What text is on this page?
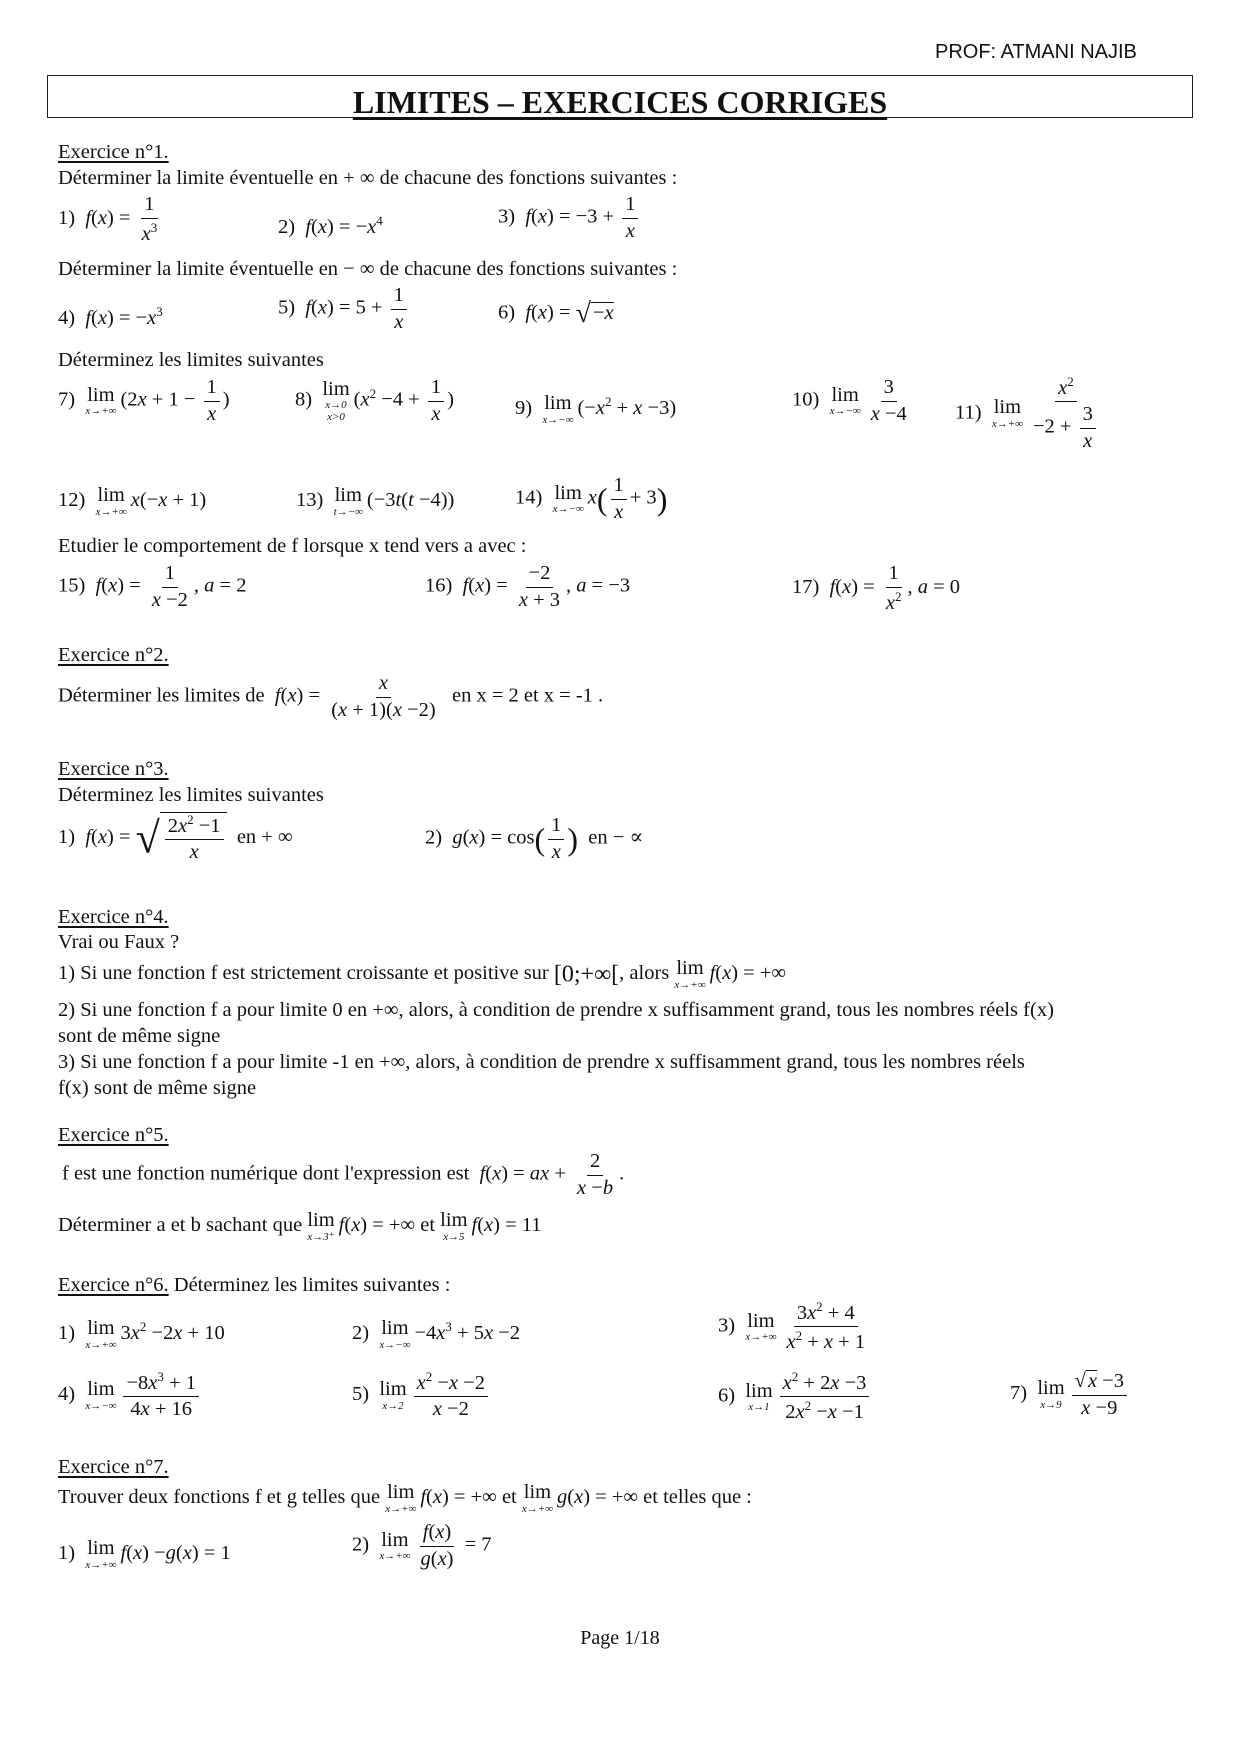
PROF: ATMANI NAJIB
LIMITES – EXERCICES CORRIGES
Exercice n°1.
Déterminer la limite éventuelle en + ∞ de chacune des fonctions suivantes :
1)  $f(x) = \frac{1}{x^3}$	2)  $f(x) = -x^4$	3)  $f(x) = -3 + \frac{1}{x}$
Déterminer la limite éventuelle en − ∞ de chacune des fonctions suivantes :
4)  $f(x) = -x^3$	5)  $f(x) = 5 + \frac{1}{x}$	6)  f(x) = √−x
Déterminez les limites suivantes
7)  lim
x→+∞
($2x + 1 - \frac{1}{x}$ )	8)  lim
x→0
x>0
($x^2 -4 + \frac{1}{x}$ )	9)  lim
x→−∞
$(-x^2 + x -3)$	10)  lim
$x\to-\infty \frac{3}{x -4} 11$)  lim
$x\to+\infty \frac{x^2}{-2 + \frac{3}{x}}$
12)  lim
x→+∞
x(−x + 1)	13)  lim
t→−∞
(−3t(t −4))	14)  lim
x→−∞
$x( \frac{1}{x} + 3)$
Etudier le comportement de f lorsque x tend vers a avec :
15)  $f(x) = \frac{1}{x -2}$ , a = 2	16)  $f(x) = \frac{-2}{x + 3}$ , a = −3	17)  $f(x) = \frac{1}{x^2}$ , a = 0
Exercice n°2.
Déterminer les limites de $f(x) = \frac{x}{(x + 1)(x -2)}$ en x = 2 et x = -1 .
Exercice n°3.
Déterminez les limites suivantes
1)  f(x) = √ $\frac{2x^2 -1}{x}$ en + ∞	2)  $g(x) = \cos( \frac{1}{x}$ ) en − ∝
Exercice n°4.
Vrai ou Faux ?
1) Si une fonction f est strictement croissante et positive sur [0;+∞[, alors lim
x→+∞
f(x) = +∞
2) Si une fonction f a pour limite 0 en +∞, alors, à condition de prendre x suffisamment grand, tous les nombres réels f(x)
sont de même signe
3) Si une fonction f a pour limite -1 en +∞, alors, à condition de prendre x suffisamment grand, tous les nombres réels
f(x) sont de même signe
Exercice n°5.
f est une fonction numérique dont l'expression est f(x) = ax + $\frac{2}{x -b}$ .
Déterminer a et b sachant que lim
x→3⁺
f(x) = +∞ et lim
x→5
f(x) = 11
Exercice n°6. Déterminez les limites suivantes :
1)  lim
x→+∞
$3x^2 -2x + 10$	2)  lim
x→−∞
$-4x^3 + 5x -2$	3)  lim
$x\to+\infty \frac{3x^2 + 4}{x^2 + x + 1}$
4)  lim
$x\to-\infty \frac{-8x^3 + 1}{4x + 16}$	5)  lim
$x\to 2 \frac{x^2 -x -2}{x -2}$	6)  lim
$x\to 1 \frac{x^2 + 2x -3}{2x^2 -x -1}$	7)  lim
$x\to 9 \frac{√x -3}{x -9}$
Exercice n°7.
Trouver deux fonctions f et g telles que lim
x→+∞
f(x) = +∞ et lim
x→+∞
g(x) = +∞ et telles que :
1)  lim
x→+∞
f(x) −g(x) = 1	2)  lim
$x\to+\infty \frac{f(x)}{g(x)} = 7$
Page 1/18
